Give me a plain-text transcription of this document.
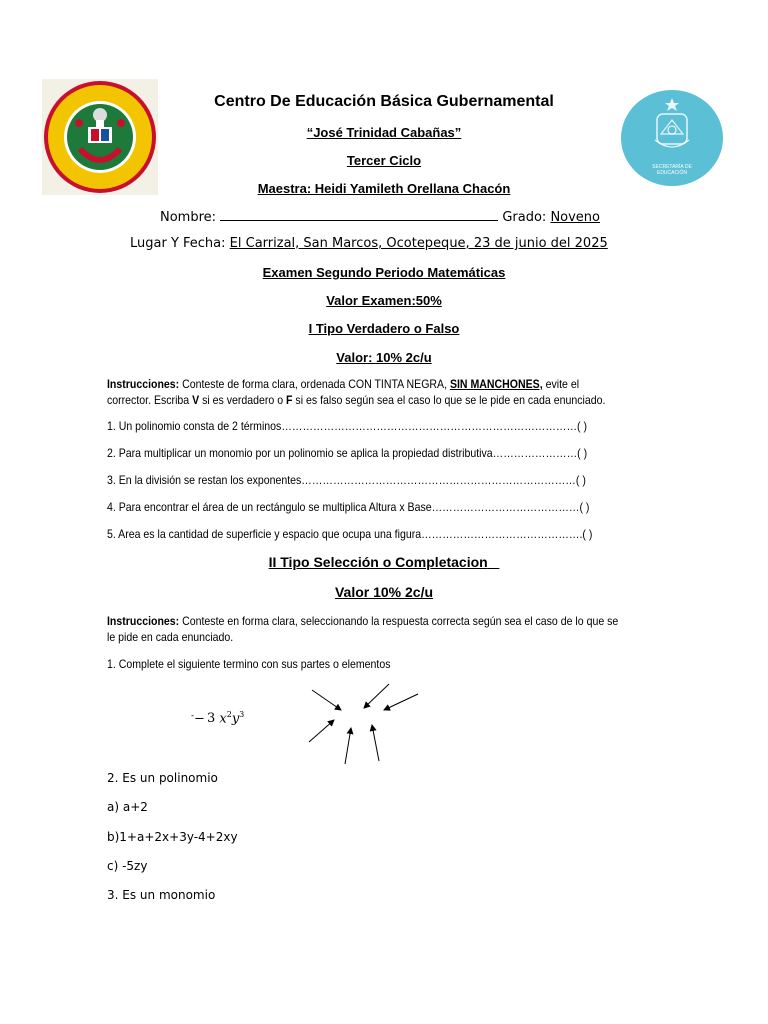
SECRETARÍA DE EDUCACIÓN
Centro De Educación Básica Gubernamental
“José Trinidad Cabañas”
Tercer Ciclo
Maestra: Heidi Yamileth Orellana Chacón
Nombre:	Grado: Noveno
Lugar Y Fecha: El Carrizal, San Marcos, Ocotepeque, 23 de junio del 2025
Examen Segundo Periodo Matemáticas
Valor Examen:50%
I Tipo Verdadero o Falso
Valor: 10% 2c/u
Instrucciones: Conteste de forma clara, ordenada CON TINTA NEGRA, SIN MANCHONES, evite el
corrector. Escriba V si es verdadero o F si es falso según sea el caso lo que se le pide en cada enunciado.
1. Un polinomio consta de 2 términos…………………………………………………………………………( )
2. Para multiplicar un monomio por un polinomio se aplica la propiedad distributiva……………………( )
3. En la división se restan los exponentes……………………………………………………………………( )
4. Para encontrar el área de un rectángulo se multiplica Altura x Base……………………………………( )
5. Area es la cantidad de superficie y espacio que ocupa una figura……………………………………….( )
II Tipo Selección o Completacion
Valor 10% 2c/u
Instrucciones: Conteste en forma clara, seleccionando la respuesta correcta según sea el caso de lo que se
le pide en cada enunciado.
1. Complete el siguiente termino con sus partes o elementos
-− 3 $x^2y^3$
2. Es un polinomio
a) a+2
b)1+a+2x+3y-4+2xy
c) -5zy
3. Es un monomio
